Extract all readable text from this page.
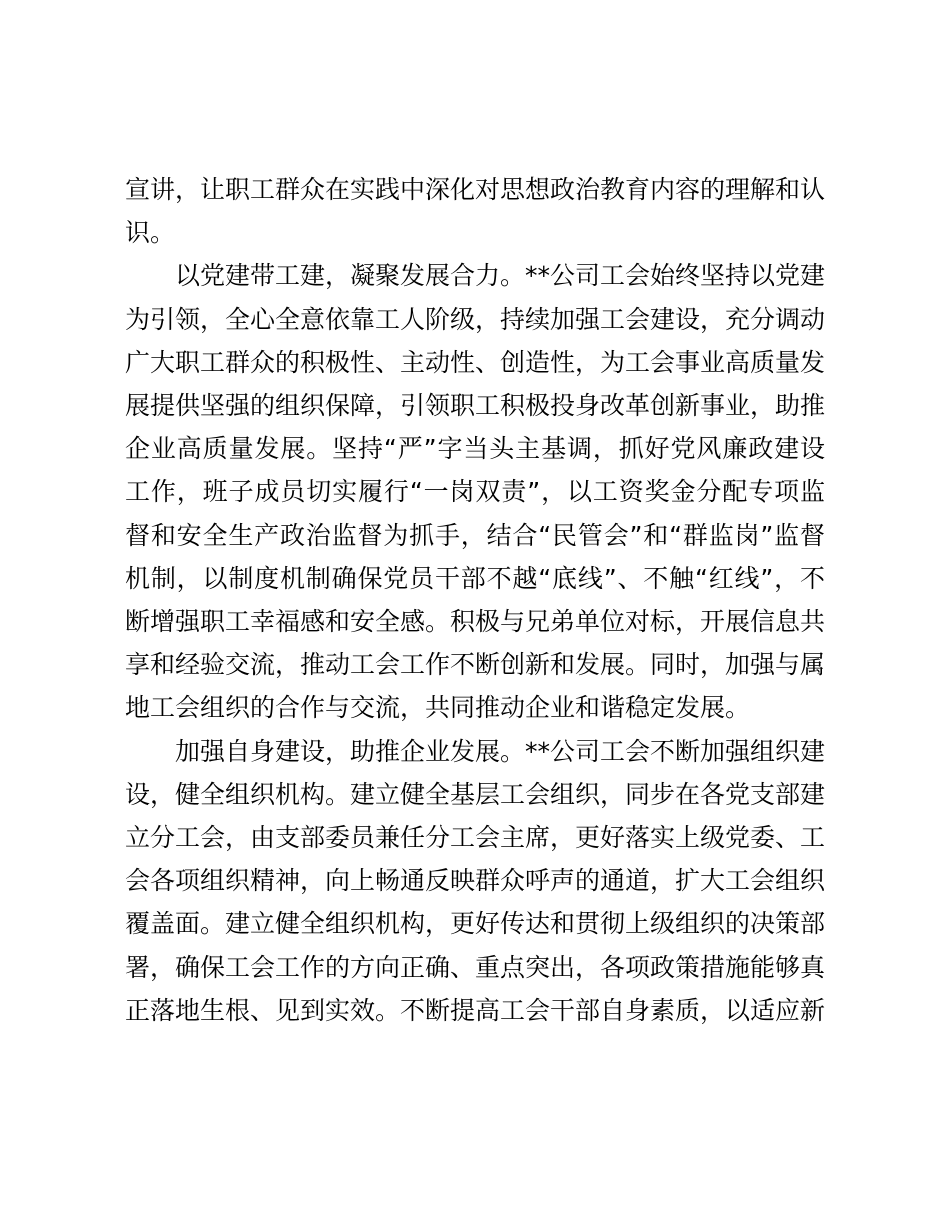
宣讲，让职工群众在实践中深化对思想政治教育内容的理解和认识。

以党建带工建，凝聚发展合力。**公司工会始终坚持以党建为引领，全心全意依靠工人阶级，持续加强工会建设，充分调动广大职工群众的积极性、主动性、创造性，为工会事业高质量发展提供坚强的组织保障，引领职工积极投身改革创新事业，助推企业高质量发展。坚持“严”字当头主基调，抓好党风廉政建设工作，班子成员切实履行“一岗双责”，以工资奖金分配专项监督和安全生产政治监督为抓手，结合“民管会”和“群监岗”监督机制，以制度机制确保党员干部不越“底线”、不触“红线”，不断增强职工幸福感和安全感。积极与兄弟单位对标，开展信息共享和经验交流，推动工会工作不断创新和发展。同时，加强与属地工会组织的合作与交流，共同推动企业和谐稳定发展。

加强自身建设，助推企业发展。**公司工会不断加强组织建设，健全组织机构。建立健全基层工会组织，同步在各党支部建立分工会，由支部委员兼任分工会主席，更好落实上级党委、工会各项组织精神，向上畅通反映群众呼声的通道，扩大工会组织覆盖面。建立健全组织机构，更好传达和贯彻上级组织的决策部署，确保工会工作的方向正确、重点突出，各项政策措施能够真正落地生根、见到实效。不断提高工会干部自身素质，以适应新
